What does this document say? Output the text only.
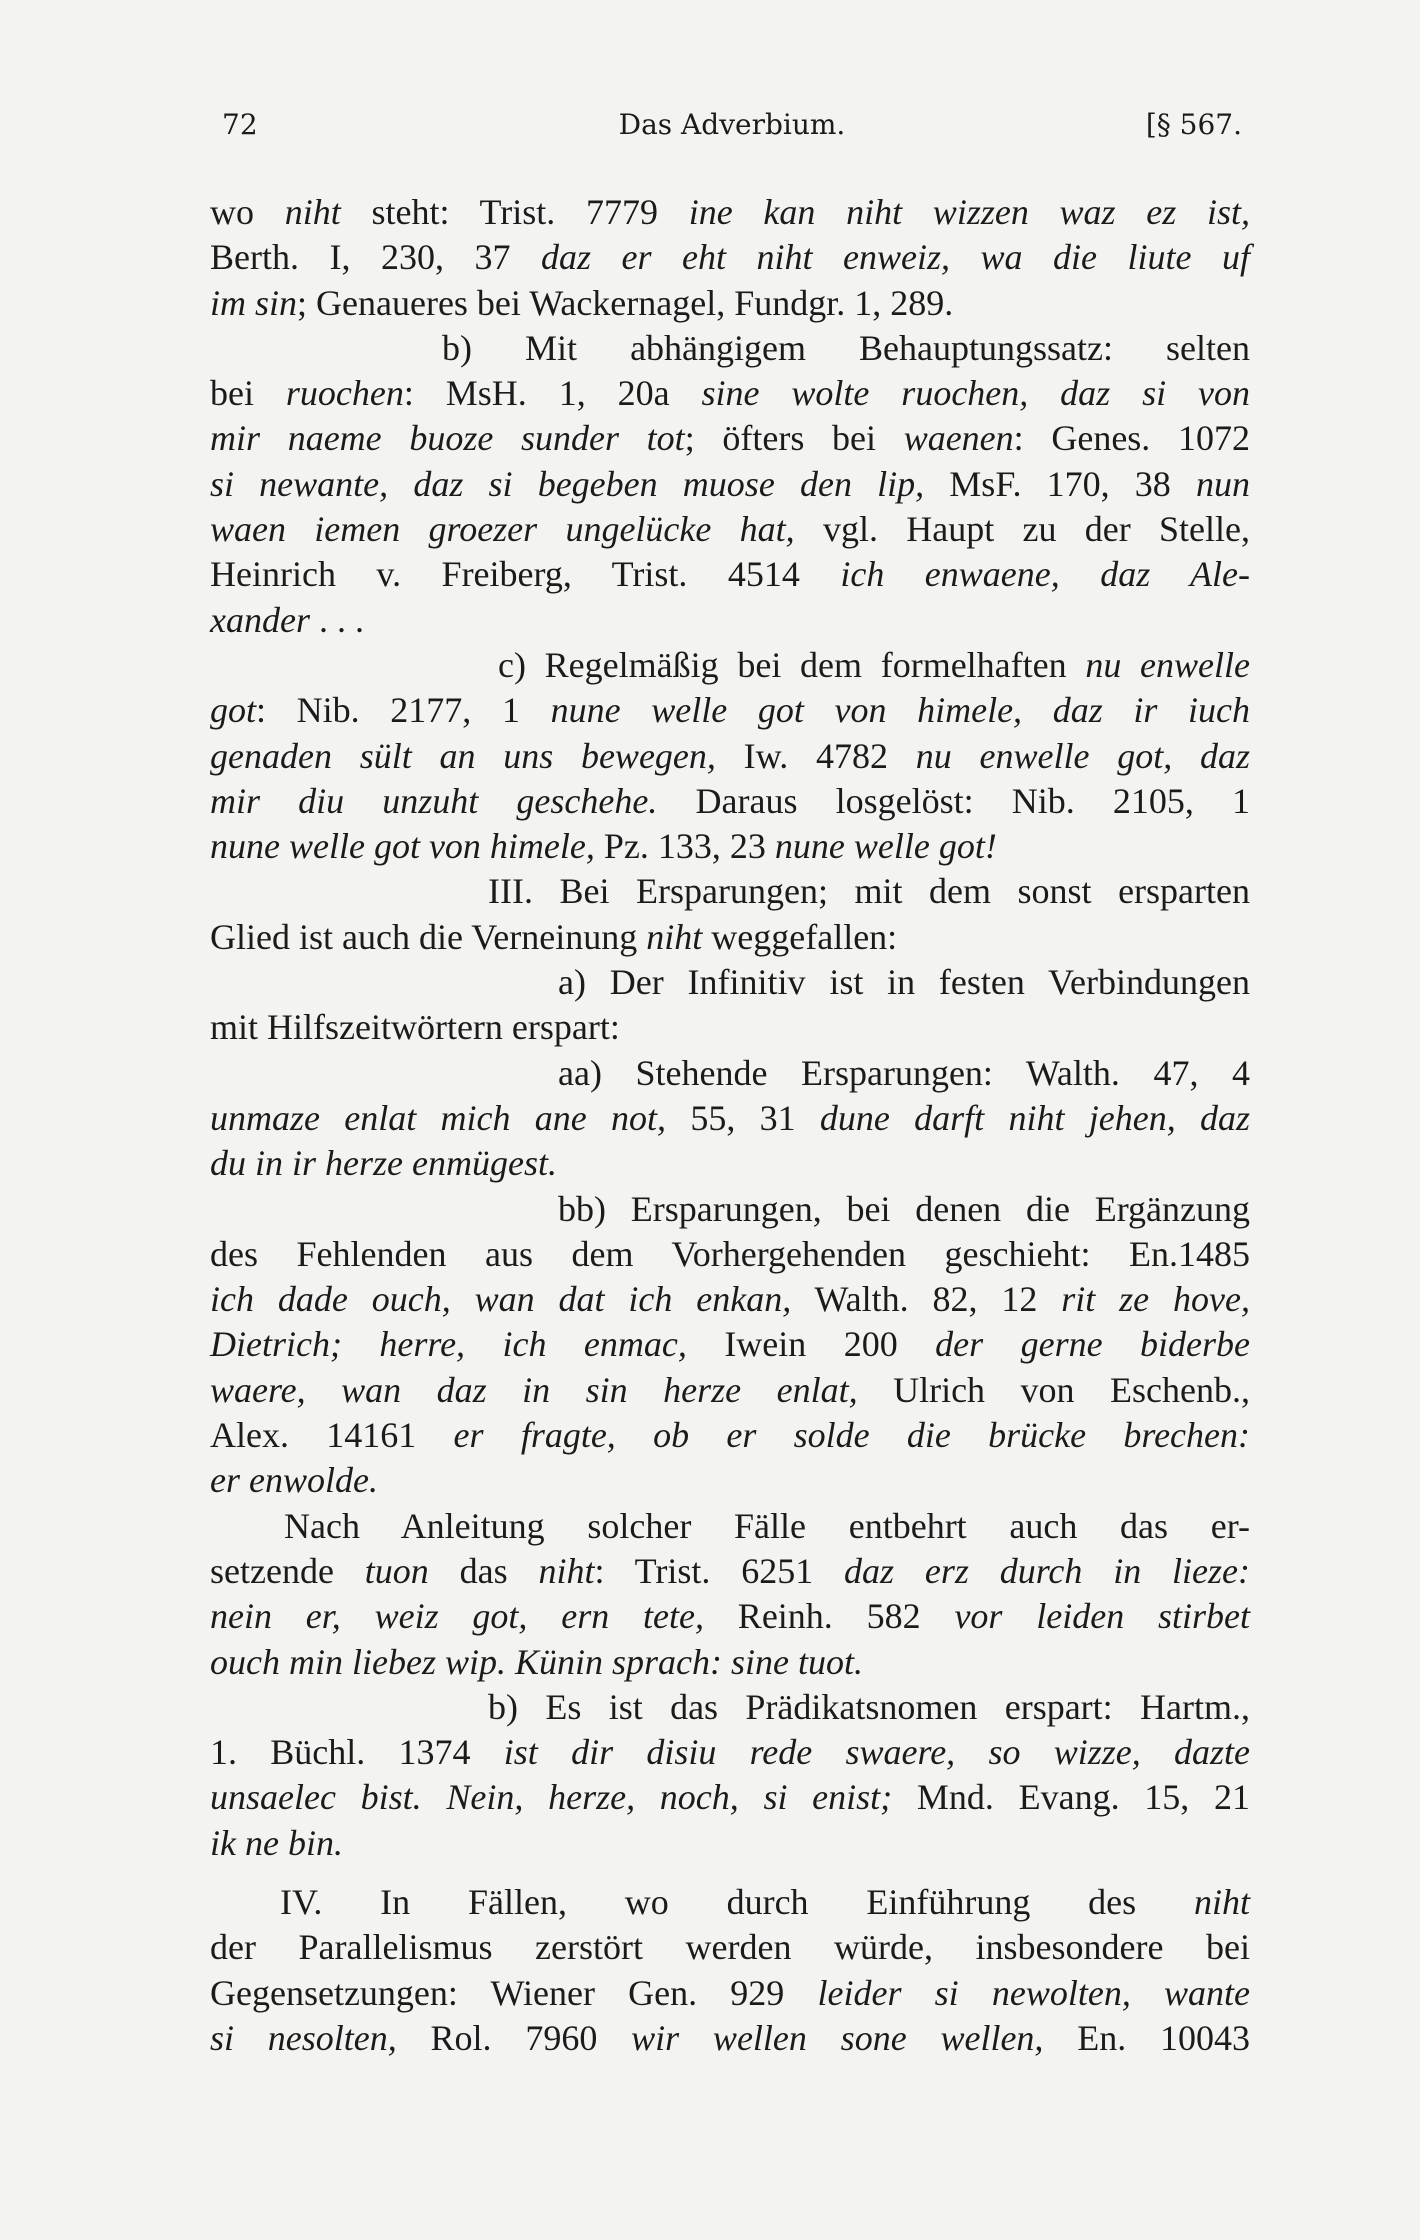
72	Das Adverbium.	[§ 567.
wo niht steht: Trist. 7779 ine kan niht wizzen waz ez ist,
Berth. I, 230, 37 daz er eht niht enweiz, wa die liute uf
im sin; Genaueres bei Wackernagel, Fundgr. 1, 289.
b) Mit abhängigem Behauptungssatz: selten
bei ruochen: MsH. 1, 20a sine wolte ruochen, daz si von
mir naeme buoze sunder tot; öfters bei waenen: Genes. 1072
si newante, daz si begeben muose den lip, MsF. 170, 38 nun
waen iemen groezer ungelücke hat, vgl. Haupt zu der Stelle,
Heinrich v. Freiberg, Trist. 4514 ich enwaene, daz Ale-
xander . . .
c) Regelmäßig bei dem formelhaften nu enwelle
got: Nib. 2177, 1 nune welle got von himele, daz ir iuch
genaden sült an uns bewegen, Iw. 4782 nu enwelle got, daz
mir diu unzuht geschehe. Daraus losgelöst: Nib. 2105, 1
nune welle got von himele, Pz. 133, 23 nune welle got!
III. Bei Ersparungen; mit dem sonst ersparten
Glied ist auch die Verneinung niht weggefallen:
a) Der Infinitiv ist in festen Verbindungen
mit Hilfszeitwörtern erspart:
aa) Stehende Ersparungen: Walth. 47, 4
unmaze enlat mich ane not, 55, 31 dune darft niht jehen, daz
du in ir herze enmügest.
bb) Ersparungen, bei denen die Ergänzung
des Fehlenden aus dem Vorhergehenden geschieht: En.1485
ich dade ouch, wan dat ich enkan, Walth. 82, 12 rit ze hove,
Dietrich; herre, ich enmac, Iwein 200 der gerne biderbe
waere, wan daz in sin herze enlat, Ulrich von Eschenb.,
Alex. 14161 er fragte, ob er solde die brücke brechen:
er enwolde.
Nach Anleitung solcher Fälle entbehrt auch das er-
setzende tuon das niht: Trist. 6251 daz erz durch in lieze:
nein er, weiz got, ern tete, Reinh. 582 vor leiden stirbet
ouch min liebez wip. Künin sprach: sine tuot.
b) Es ist das Prädikatsnomen erspart: Hartm.,
1. Büchl. 1374 ist dir disiu rede swaere, so wizze, dazte
unsaelec bist. Nein, herze, noch, si enist; Mnd. Evang. 15, 21
ik ne bin.
IV. In Fällen, wo durch Einführung des niht
der Parallelismus zerstört werden würde, insbesondere bei
Gegensetzungen: Wiener Gen. 929 leider si newolten, wante
si nesolten, Rol. 7960 wir wellen sone wellen, En. 10043
